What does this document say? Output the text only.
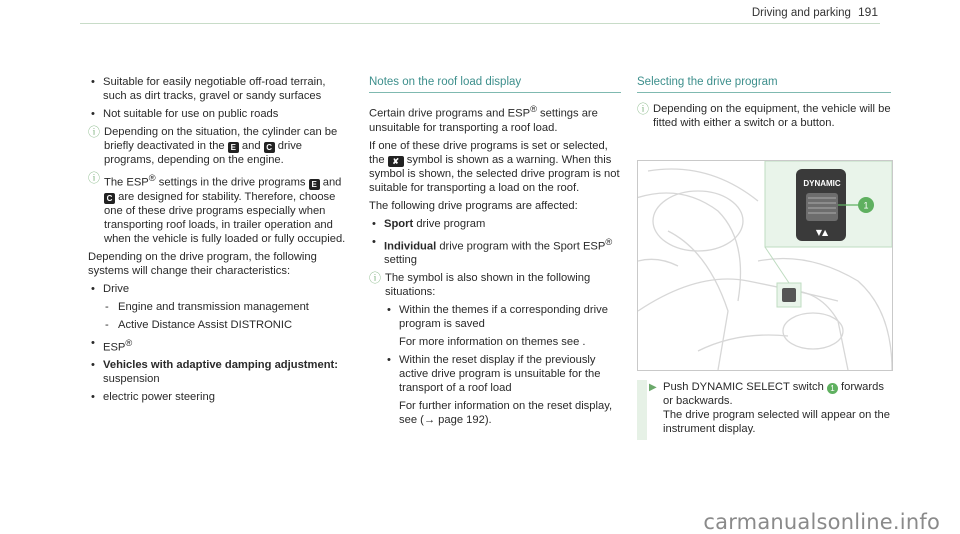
Driving and parking 191

• Suitable for easily negotiable off-road terrain, such as dirt tracks, gravel or sandy surfaces

• Not suitable for use on public roads

ⓘ Depending on the situation, the cylinder can be briefly deactivated in the E and C drive programs, depending on the engine.
ⓘ The ESP® settings in the drive programs E and C are designed for stability. Therefore, choose one of these drive programs especially when transporting roof loads, in trailer operation and when the vehicle is fully loaded or fully occupied.

Depending on the drive program, the following systems will change their characteristics:

• Drive

- Engine and transmission management

- Active Distance Assist DISTRONIC

• ESP®

• Vehicles with adaptive damping adjustment:

suspension

• electric power steering

Notes on the roof load display

Certain drive programs and ESP® settings are unsuitable for transporting a roof load.

If one of these drive programs is set or selected, the ✘ symbol is shown as a warning. When this symbol is shown, the selected drive program is not suitable for transporting a load on the roof.

The following drive programs are affected:

• Sport drive program

• Individual drive program with the Sport ESP®

setting

ⓘ The symbol is also shown in the following situations:

• Within the themes if a corresponding drive program is saved

For more information on themes see .

• Within the reset display if the previously active drive program is unsuitable for the transport of a roof load

For further information on the reset display, see (→ page 192).

Selecting the drive program
ⓘ Depending on the equipment, the vehicle will be fitted with either a switch or a button.
DYNAMIC
▼▲
1
▶ Push DYNAMIC SELECT switch 1 forwards or backwards.
The drive program selected will appear on the instrument display.
carmanualsonline.info
